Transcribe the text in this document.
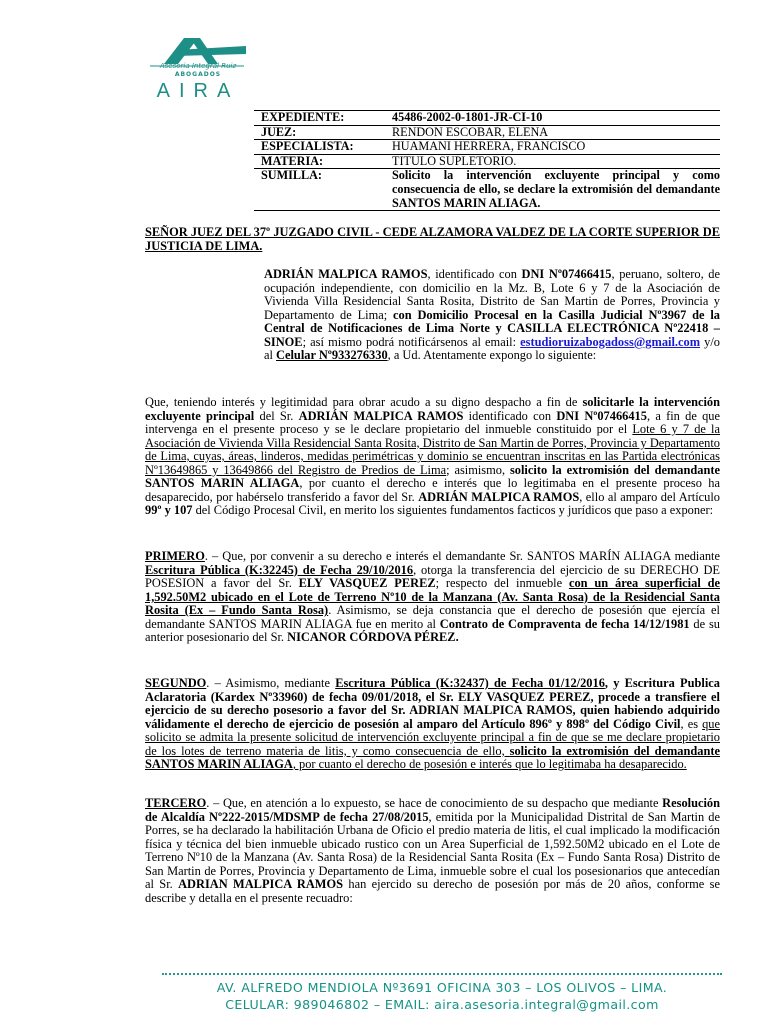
Asesoria Integral Ruiz
ABOGADOS
AIRA
EXPEDIENTE:	45486-2002-0-1801-JR-CI-10
JUEZ:	RENDON ESCOBAR, ELENA
ESPECIALISTA:	HUAMANI HERRERA, FRANCISCO
MATERIA:	TITULO SUPLETORIO.
SUMILLA:	Solicito la intervención excluyente principal y como consecuencia de ello, se declare la extromisión del demandante SANTOS MARIN ALIAGA.
SEÑOR JUEZ DEL 37º JUZGADO CIVIL - CEDE ALZAMORA VALDEZ DE LA CORTE SUPERIOR DE JUSTICIA DE LIMA.

ADRIÁN MALPICA RAMOS, identificado con DNI Nº07466415, peruano, soltero, de ocupación independiente, con domicilio en la Mz. B, Lote 6 y 7 de la Asociación de Vivienda Villa Residencial Santa Rosita, Distrito de San Martin de Porres, Provincia y Departamento de Lima; con Domicilio Procesal en la Casilla Judicial Nº3967 de la Central de Notificaciones de Lima Norte y CASILLA ELECTRÓNICA Nº22418 – SINOE; así mismo podrá notificársenos al email: estudioruizabogadoss@gmail.com y/o al Celular Nº933276330, a Ud. Atentamente expongo lo siguiente:

Que, teniendo interés y legitimidad para obrar acudo a su digno despacho a fin de solicitarle la intervención excluyente principal del Sr. ADRIÁN MALPICA RAMOS identificado con DNI Nº07466415, a fin de que intervenga en el presente proceso y se le declare propietario del inmueble constituido por el Lote 6 y 7 de la Asociación de Vivienda Villa Residencial Santa Rosita, Distrito de San Martin de Porres, Provincia y Departamento de Lima, cuyas, áreas, linderos, medidas perimétricas y dominio se encuentran inscritas en las Partida electrónicas Nº13649865 y 13649866 del Registro de Predios de Lima; asimismo, solicito la extromisión del demandante SANTOS MARIN ALIAGA, por cuanto el derecho e interés que lo legitimaba en el presente proceso ha desaparecido, por habérselo transferido a favor del Sr. ADRIÁN MALPICA RAMOS, ello al amparo del Artículo 99º y 107 del Código Procesal Civil, en merito los siguientes fundamentos facticos y jurídicos que paso a exponer:

PRIMERO. – Que, por convenir a su derecho e interés el demandante Sr. SANTOS MARÍN ALIAGA mediante Escritura Pública (K:32245) de Fecha 29/10/2016, otorga la transferencia del ejercicio de su DERECHO DE POSESION a favor del Sr. ELY VASQUEZ PEREZ; respecto del inmueble con un área superficial de 1,592.50M2 ubicado en el Lote de Terreno Nº10 de la Manzana (Av. Santa Rosa) de la Residencial Santa Rosita (Ex – Fundo Santa Rosa). Asimismo, se deja constancia que el derecho de posesión que ejercía el demandante SANTOS MARIN ALIAGA fue en merito al Contrato de Compraventa de fecha 14/12/1981 de su anterior posesionario del Sr. NICANOR CÓRDOVA PÉREZ.

SEGUNDO. – Asimismo, mediante Escritura Pública (K:32437) de Fecha 01/12/2016, y Escritura Publica Aclaratoria (Kardex Nº33960) de fecha 09/01/2018, el Sr. ELY VASQUEZ PEREZ, procede a transfiere el ejercicio de su derecho posesorio a favor del Sr. ADRIAN MALPICA RAMOS, quien habiendo adquirido válidamente el derecho de ejercicio de posesión al amparo del Artículo 896º y 898º del Código Civil, es que solicito se admita la presente solicitud de intervención excluyente principal a fin de que se me declare propietario de los lotes de terreno materia de litis, y como consecuencia de ello, solicito la extromisión del demandante SANTOS MARIN ALIAGA, por cuanto el derecho de posesión e interés que lo legitimaba ha desaparecido.

TERCERO. – Que, en atención a lo expuesto, se hace de conocimiento de su despacho que mediante Resolución de Alcaldía Nº222-2015/MDSMP de fecha 27/08/2015, emitida por la Municipalidad Distrital de San Martin de Porres, se ha declarado la habilitación Urbana de Oficio el predio materia de litis, el cual implicado la modificación física y técnica del bien inmueble ubicado rustico con un Area Superficial de 1,592.50M2 ubicado en el Lote de Terreno Nº10 de la Manzana (Av. Santa Rosa) de la Residencial Santa Rosita (Ex – Fundo Santa Rosa) Distrito de San Martin de Porres, Provincia y Departamento de Lima, inmueble sobre el cual los posesionarios que antecedían al Sr. ADRIAN MALPICA RAMOS han ejercido su derecho de posesión por más de 20 años, conforme se describe y detalla en el presente recuadro:

AV. ALFREDO MENDIOLA Nº3691 OFICINA 303 – LOS OLIVOS – LIMA.
CELULAR: 989046802 – EMAIL: aira.asesoria.integral@gmail.com
